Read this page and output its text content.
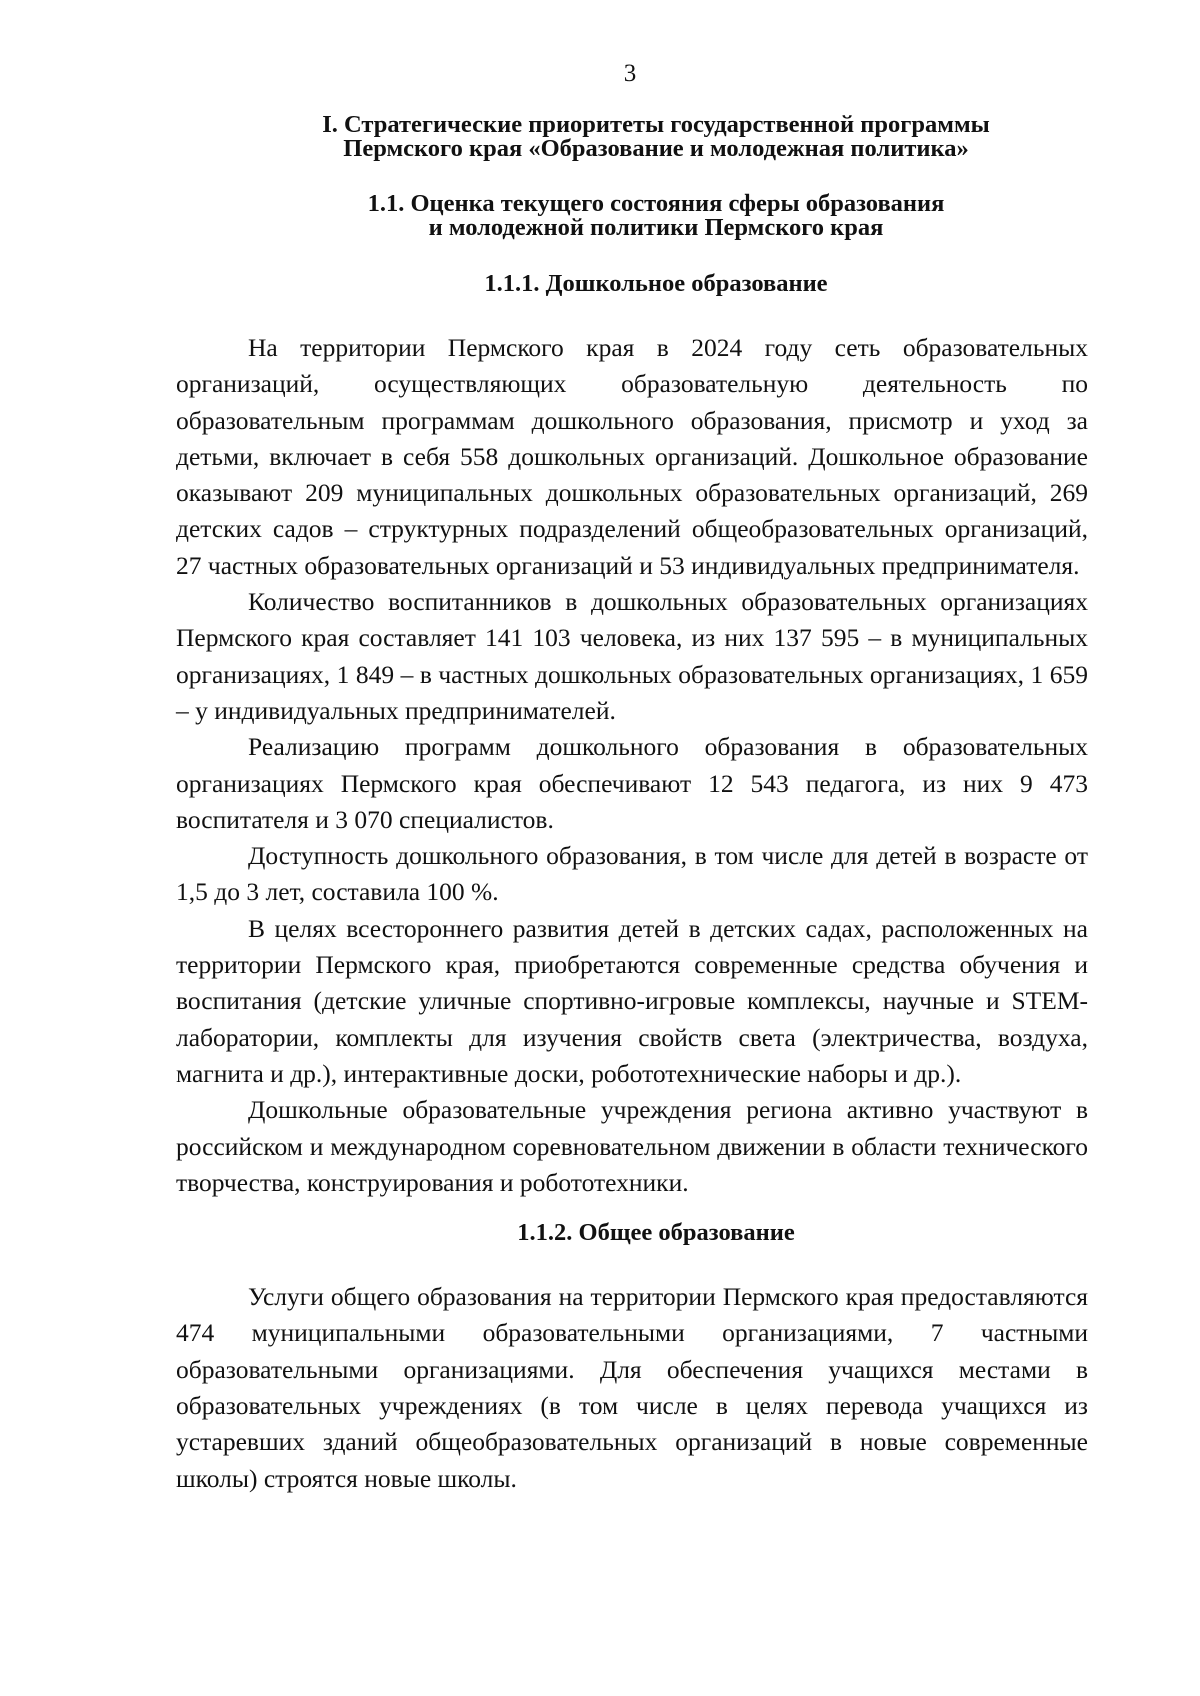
3
I. Стратегические приоритеты государственной программы
Пермского края «Образование и молодежная политика»
1.1. Оценка текущего состояния сферы образования
и молодежной политики Пермского края
1.1.1. Дошкольное образование

На территории Пермского края в 2024 году сеть образовательных организаций, осуществляющих образовательную деятельность по образовательным программам дошкольного образования, присмотр и уход за детьми, включает в себя 558 дошкольных организаций. Дошкольное образование оказывают 209 муниципальных дошкольных образовательных организаций, 269 детских садов – структурных подразделений общеобразовательных организаций, 27 частных образовательных организаций и 53 индивидуальных предпринимателя.

Количество воспитанников в дошкольных образовательных организациях Пермского края составляет 141 103 человека, из них 137 595 – в муниципальных организациях, 1 849 – в частных дошкольных образовательных организациях, 1 659 – у индивидуальных предпринимателей.

Реализацию программ дошкольного образования в образовательных организациях Пермского края обеспечивают 12 543 педагога, из них 9 473 воспитателя и 3 070 специалистов.

Доступность дошкольного образования, в том числе для детей в возрасте от 1,5 до 3 лет, составила 100 %.

В целях всестороннего развития детей в детских садах, расположенных на территории Пермского края, приобретаются современные средства обучения и воспитания (детские уличные спортивно-игровые комплексы, научные и STEM-лаборатории, комплекты для изучения свойств света (электричества, воздуха, магнита и др.), интерактивные доски, робототехнические наборы и др.).

Дошкольные образовательные учреждения региона активно участвуют в российском и международном соревновательном движении в области технического творчества, конструирования и робототехники.

1.1.2. Общее образование

Услуги общего образования на территории Пермского края предоставляются 474 муниципальными образовательными организациями, 7 частными образовательными организациями. Для обеспечения учащихся местами в образовательных учреждениях (в том числе в целях перевода учащихся из устаревших зданий общеобразовательных организаций в новые современные школы) строятся новые школы.
